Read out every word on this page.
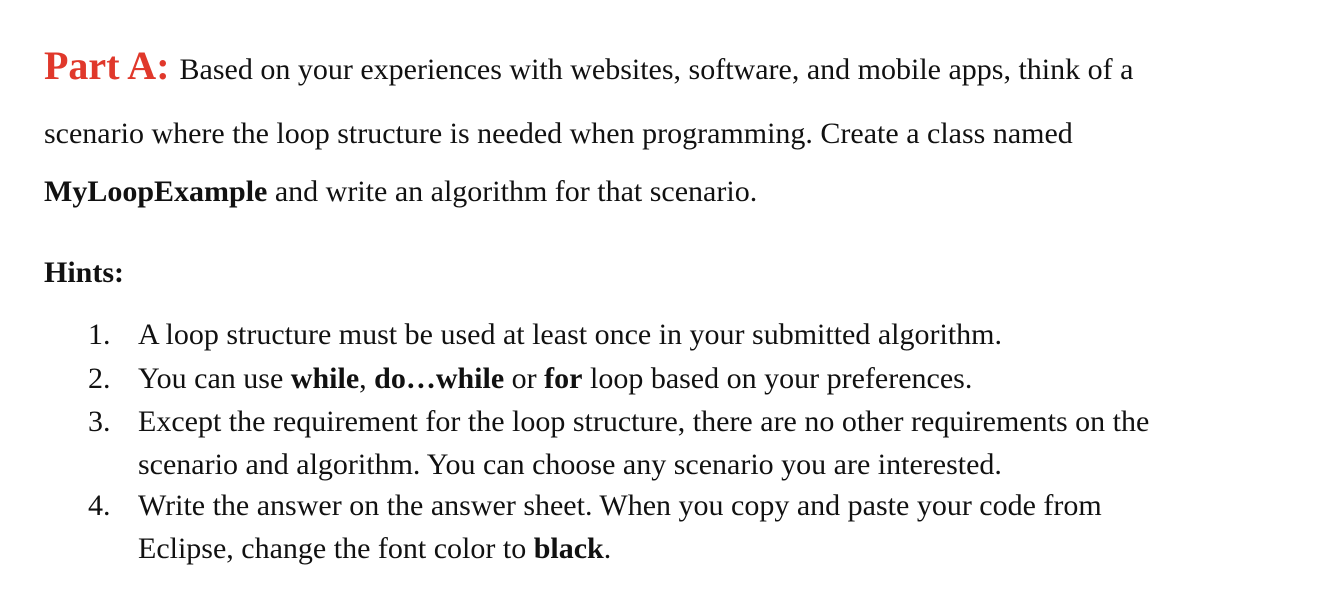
Part A: Based on your experiences with websites, software, and mobile apps, think of a
scenario where the loop structure is needed when programming. Create a class named
MyLoopExample and write an algorithm for that scenario.
Hints:
1. A loop structure must be used at least once in your submitted algorithm.
2. You can use while, do…while or for loop based on your preferences.
3. Except the requirement for the loop structure, there are no other requirements on the
scenario and algorithm. You can choose any scenario you are interested.
4. Write the answer on the answer sheet. When you copy and paste your code from
Eclipse, change the font color to black.
